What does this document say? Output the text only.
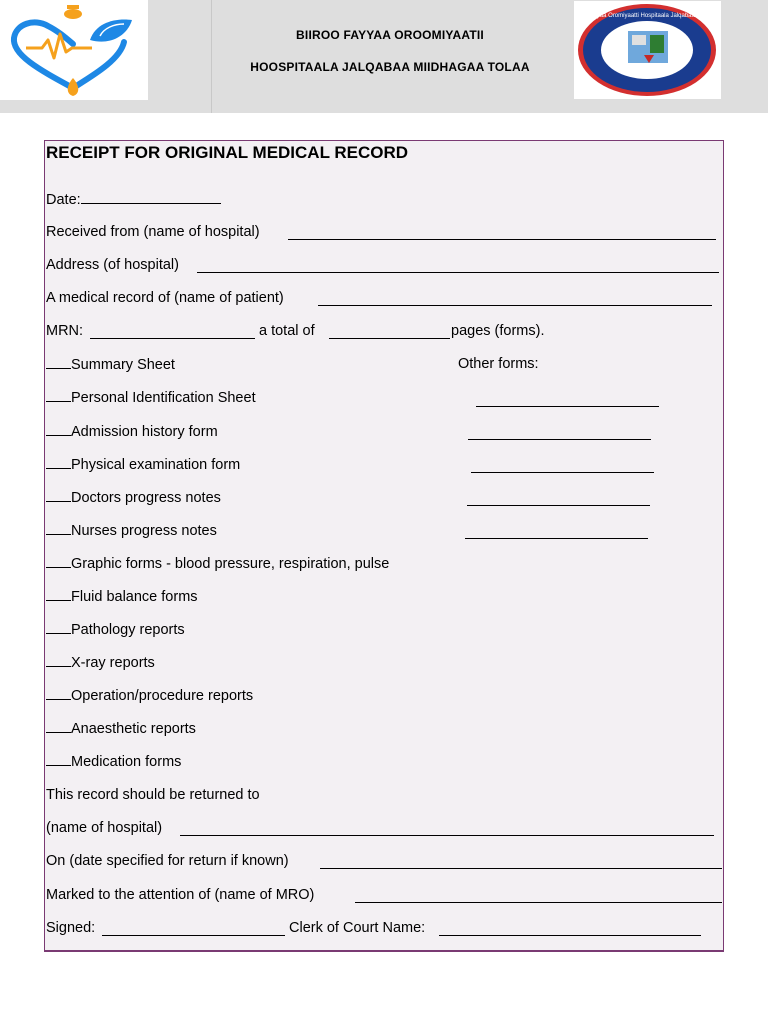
BIIROO FAYYAA OROOMIYAATII
HOOSPITAALA JALQABAA MIIDHAGAA TOLAA
Biiroo Fayyaa Oromiyaatti Hospitaala Jalqabaa Miidhagaa
RECEIPT FOR ORIGINAL MEDICAL RECORD
Date:
Received from (name of hospital)
Address (of hospital)
A medical record of (name of patient)
MRN:	a total of	pages (forms).
Other forms:
Summary Sheet
Personal Identification Sheet
Admission history form
Physical examination form
Doctors progress notes
Nurses progress notes
Graphic forms - blood pressure, respiration, pulse
Fluid balance forms
Pathology reports
X-ray reports
Operation/procedure reports
Anaesthetic reports
Medication forms
This record should be returned to
(name of hospital)
On (date specified for return if known)
Marked to the attention of (name of MRO)
Signed:	Clerk of Court Name:
